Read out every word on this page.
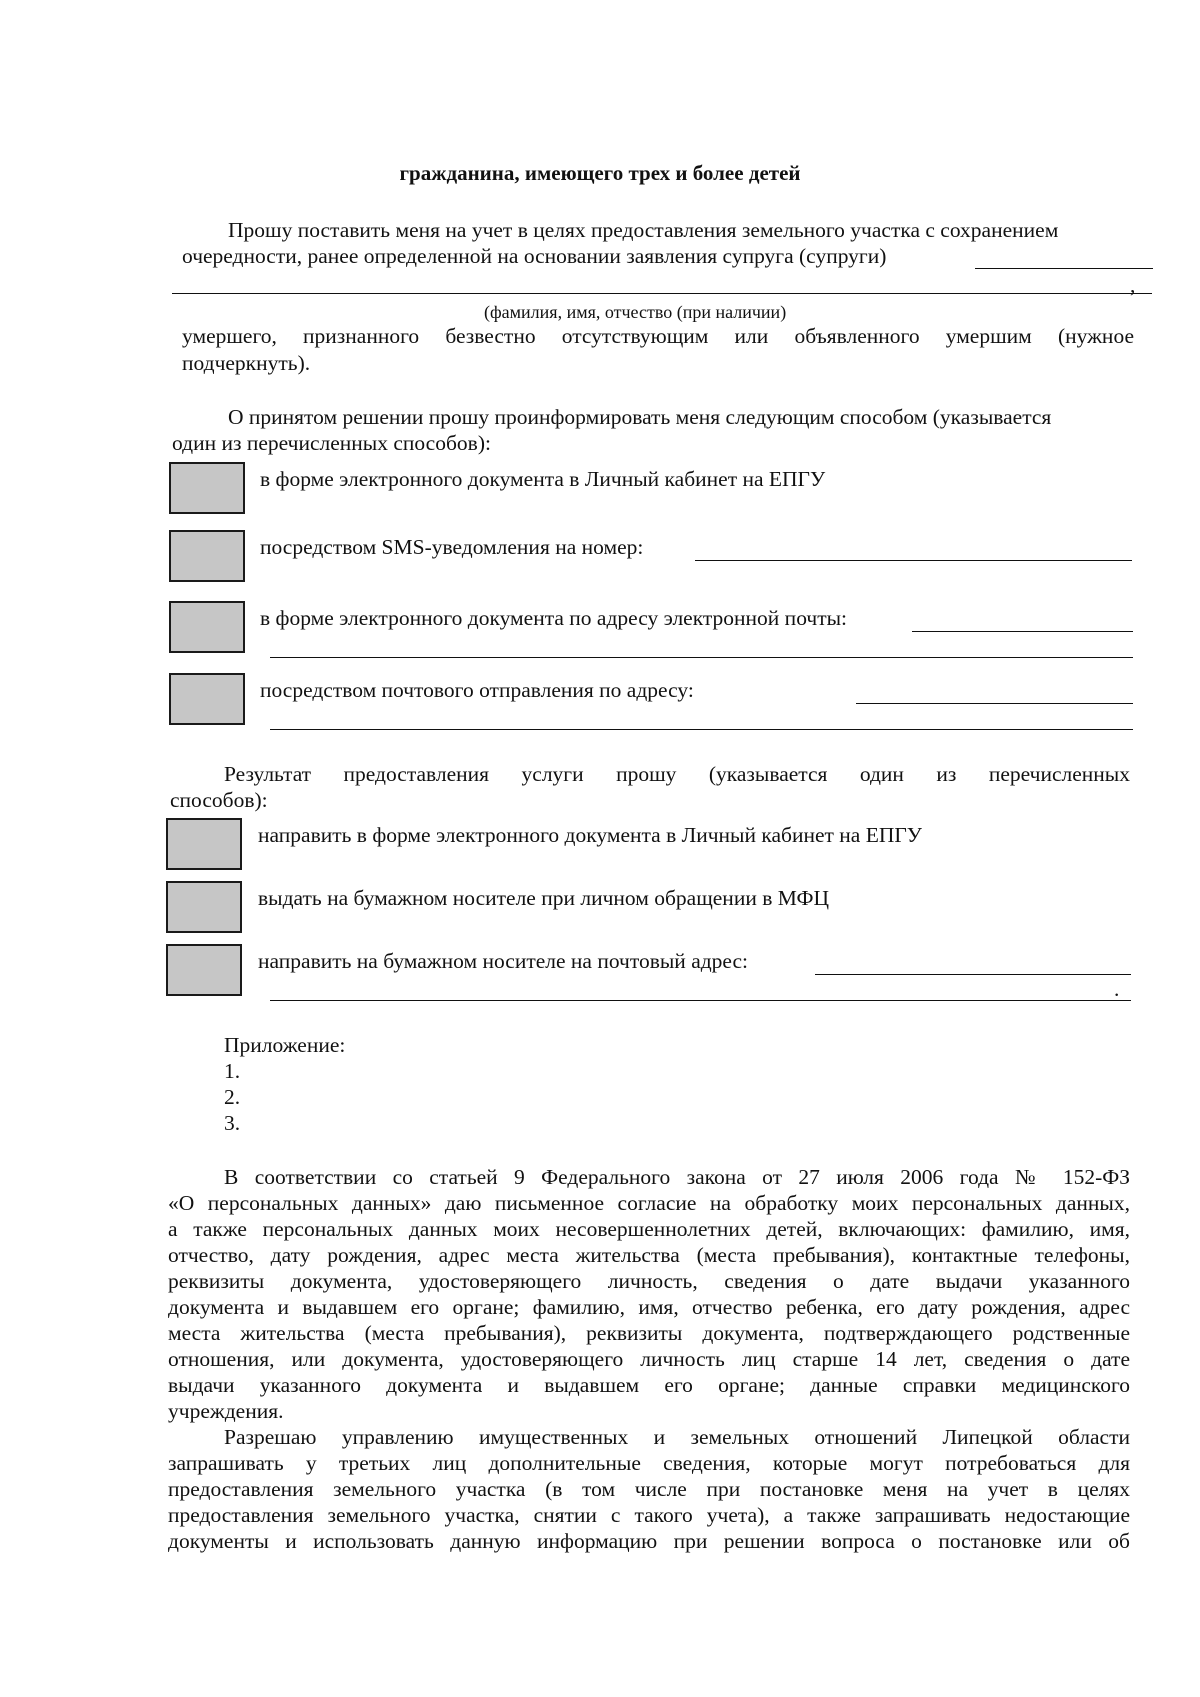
гражданина, имеющего трех и более детей
Прошу поставить меня на учет в целях предоставления земельного участка с сохранением
очередности, ранее определенной на основании заявления супруга (супруги)
,
(фамилия, имя, отчество (при наличии)
умершего, признанного безвестно отсутствующим или объявленного умершим (нужное
подчеркнуть).
О принятом решении прошу проинформировать меня следующим способом (указывается
один из перечисленных способов):
в форме электронного документа в Личный кабинет на ЕПГУ
посредством SMS-уведомления на номер:
в форме электронного документа по адресу электронной почты:
посредством почтового отправления по адресу:
Результат предоставления услуги прошу (указывается один из перечисленных
способов):
направить в форме электронного документа в Личный кабинет на ЕПГУ
выдать на бумажном носителе при личном обращении в МФЦ
направить на бумажном носителе на почтовый адрес:
.
Приложение:
1.
2.
3.
В соответствии со статьей 9 Федерального закона от 27 июля 2006 года № 152-ФЗ
«О персональных данных» даю письменное согласие на обработку моих персональных данных,
а также персональных данных моих несовершеннолетних детей, включающих: фамилию, имя,
отчество, дату рождения, адрес места жительства (места пребывания), контактные телефоны,
реквизиты документа, удостоверяющего личность, сведения о дате выдачи указанного
документа и выдавшем его органе; фамилию, имя, отчество ребенка, его дату рождения, адрес
места жительства (места пребывания), реквизиты документа, подтверждающего родственные
отношения, или документа, удостоверяющего личность лиц старше 14 лет, сведения о дате
выдачи указанного документа и выдавшем его органе; данные справки медицинского
учреждения.
Разрешаю управлению имущественных и земельных отношений Липецкой области
запрашивать у третьих лиц дополнительные сведения, которые могут потребоваться для
предоставления земельного участка (в том числе при постановке меня на учет в целях
предоставления земельного участка, снятии с такого учета), а также запрашивать недостающие
документы и использовать данную информацию при решении вопроса о постановке или об
